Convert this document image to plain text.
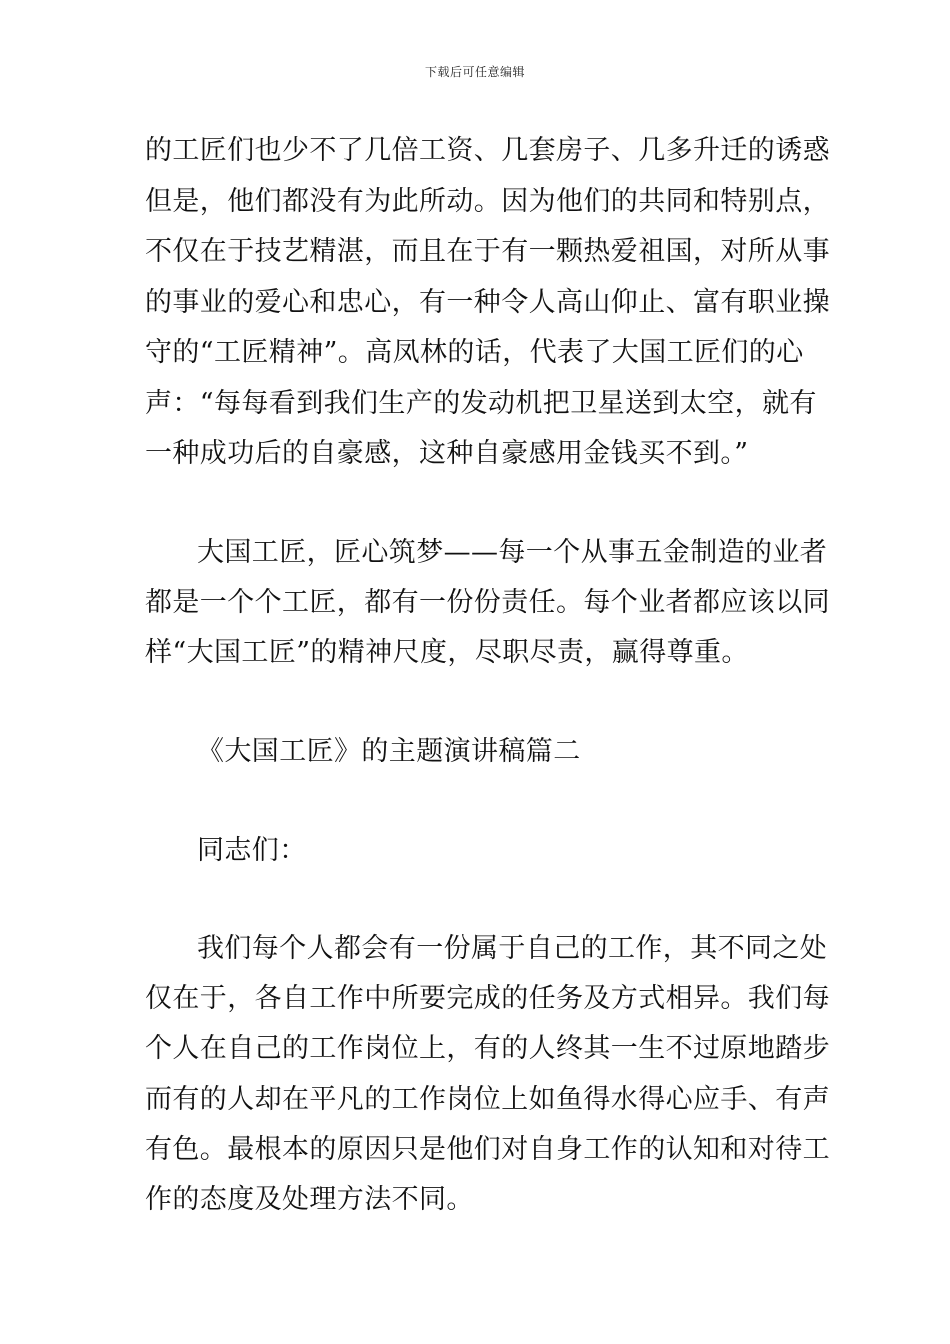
下载后可任意编辑
的工匠们也少不了几倍工资、几套房子、几多升迁的诱惑
但是，他们都没有为此所动。因为他们的共同和特别点，
不仅在于技艺精湛，而且在于有一颗热爱祖国，对所从事
的事业的爱心和忠心，有一种令人高山仰止、富有职业操
守的“工匠精神”。高凤林的话，代表了大国工匠们的心
声：“每每看到我们生产的发动机把卫星送到太空，就有
一种成功后的自豪感，这种自豪感用金钱买不到。”
大国工匠，匠心筑梦——每一个从事五金制造的业者
都是一个个工匠，都有一份份责任。每个业者都应该以同
样“大国工匠”的精神尺度，尽职尽责，赢得尊重。
《大国工匠》的主题演讲稿篇二
同志们：
我们每个人都会有一份属于自己的工作，其不同之处
仅在于，各自工作中所要完成的任务及方式相异。我们每
个人在自己的工作岗位上，有的人终其一生不过原地踏步
而有的人却在平凡的工作岗位上如鱼得水得心应手、有声
有色。最根本的原因只是他们对自身工作的认知和对待工
作的态度及处理方法不同。
